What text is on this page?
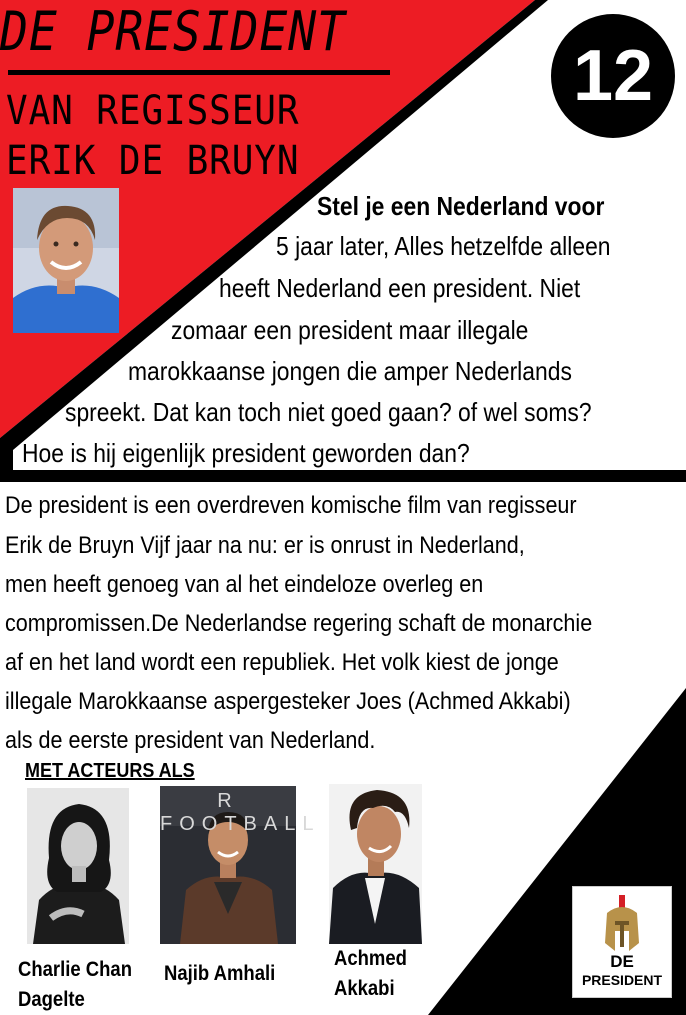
DE PRESIDENT
VAN REGISSEUR
ERIK DE BRUYN
12
Stel je een Nederland voor
5 jaar later, Alles hetzelfde alleen
heeft Nederland een president. Niet
zomaar een president maar illegale
marokkaanse jongen die amper Nederlands
spreekt. Dat kan toch niet goed gaan? of wel soms?
Hoe is hij eigenlijk president geworden dan?
De president is een overdreven komische film van regisseur
Erik de Bruyn Vijf jaar na nu: er is onrust in Nederland,
men heeft genoeg van al het eindeloze overleg en
compromissen.De Nederlandse regering schaft de monarchie
af en het land wordt een republiek. Het volk kiest de jonge
illegale Marokkaanse aspergesteker Joes (Achmed Akkabi)
als de eerste president van Nederland.
MET ACTEURS ALS
R FOOTBALL
Charlie Chan
Dagelte
Najib Amhali
Achmed
Akkabi
DE
PRESIDENT
